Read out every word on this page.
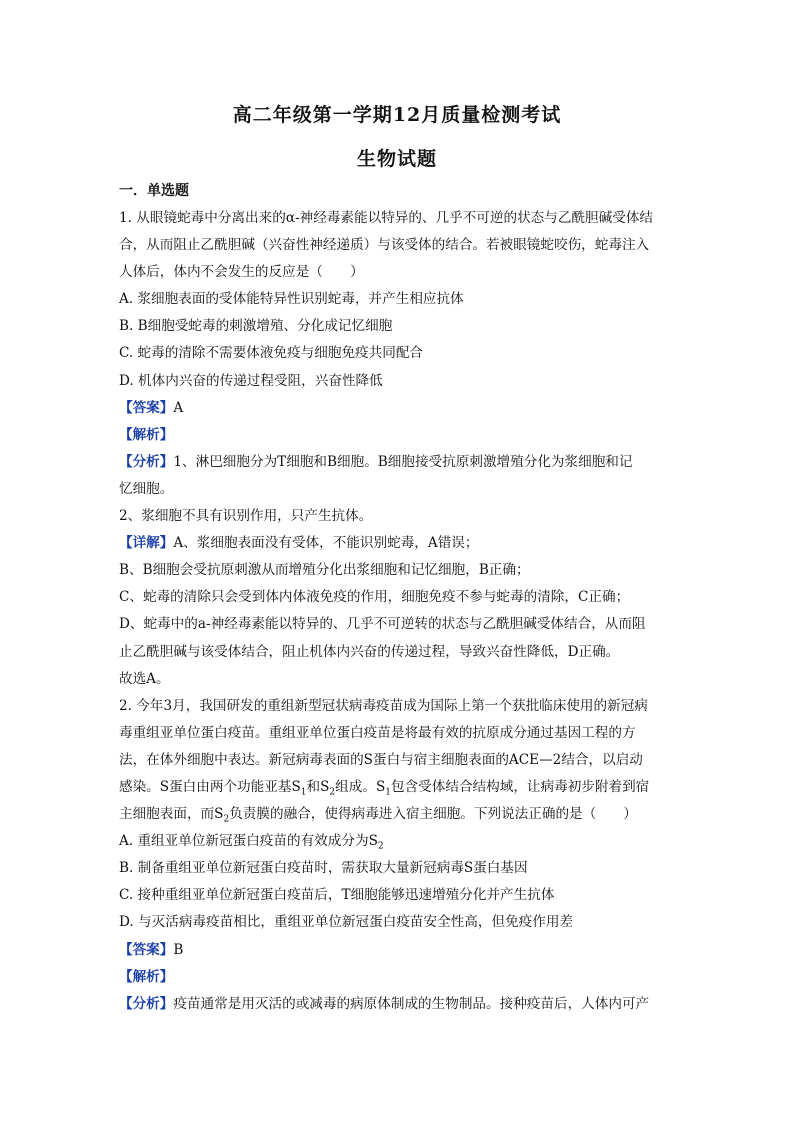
高二年级第一学期12月质量检测考试
生物试题
一．单选题
1. 从眼镜蛇毒中分离出来的α-神经毒素能以特异的、几乎不可逆的状态与乙酰胆碱受体结
合，从而阻止乙酰胆碱（兴奋性神经递质）与该受体的结合。若被眼镜蛇咬伤，蛇毒注入
人体后，体内不会发生的反应是（　　）
A. 浆细胞表面的受体能特异性识别蛇毒，并产生相应抗体
B. B细胞受蛇毒的刺激增殖、分化成记忆细胞
C. 蛇毒的清除不需要体液免疫与细胞免疫共同配合
D. 机体内兴奋的传递过程受阻，兴奋性降低
【答案】A
【解析】
【分析】1、淋巴细胞分为T细胞和B细胞。B细胞接受抗原刺激增殖分化为浆细胞和记
忆细胞。
2、浆细胞不具有识别作用，只产生抗体。
【详解】A、浆细胞表面没有受体，不能识别蛇毒，A错误；
B、B细胞会受抗原刺激从而增殖分化出浆细胞和记忆细胞，B正确；
C、蛇毒的清除只会受到体内体液免疫的作用，细胞免疫不参与蛇毒的清除，C正确；
D、蛇毒中的a-神经毒素能以特异的、几乎不可逆转的状态与乙酰胆碱受体结合，从而阻
止乙酰胆碱与该受体结合，阻止机体内兴奋的传递过程，导致兴奋性降低，D正确。
故选A。
2. 今年3月，我国研发的重组新型冠状病毒疫苗成为国际上第一个获批临床使用的新冠病
毒重组亚单位蛋白疫苗。重组亚单位蛋白疫苗是将最有效的抗原成分通过基因工程的方
法，在体外细胞中表达。新冠病毒表面的S蛋白与宿主细胞表面的ACE—2结合，以启动
感染。S蛋白由两个功能亚基$S_1$和$S_2$组成。$S_1$包含受体结合结构域，让病毒初步附着到宿
主细胞表面，而$S_2$负责膜的融合，使得病毒进入宿主细胞。下列说法正确的是（　　）
A. 重组亚单位新冠蛋白疫苗的有效成分为$S_2$
B. 制备重组亚单位新冠蛋白疫苗时，需获取大量新冠病毒S蛋白基因
C. 接种重组亚单位新冠蛋白疫苗后，T细胞能够迅速增殖分化并产生抗体
D. 与灭活病毒疫苗相比，重组亚单位新冠蛋白疫苗安全性高，但免疫作用差
【答案】B
【解析】
【分析】疫苗通常是用灭活的或减毒的病原体制成的生物制品。接种疫苗后，人体内可产
